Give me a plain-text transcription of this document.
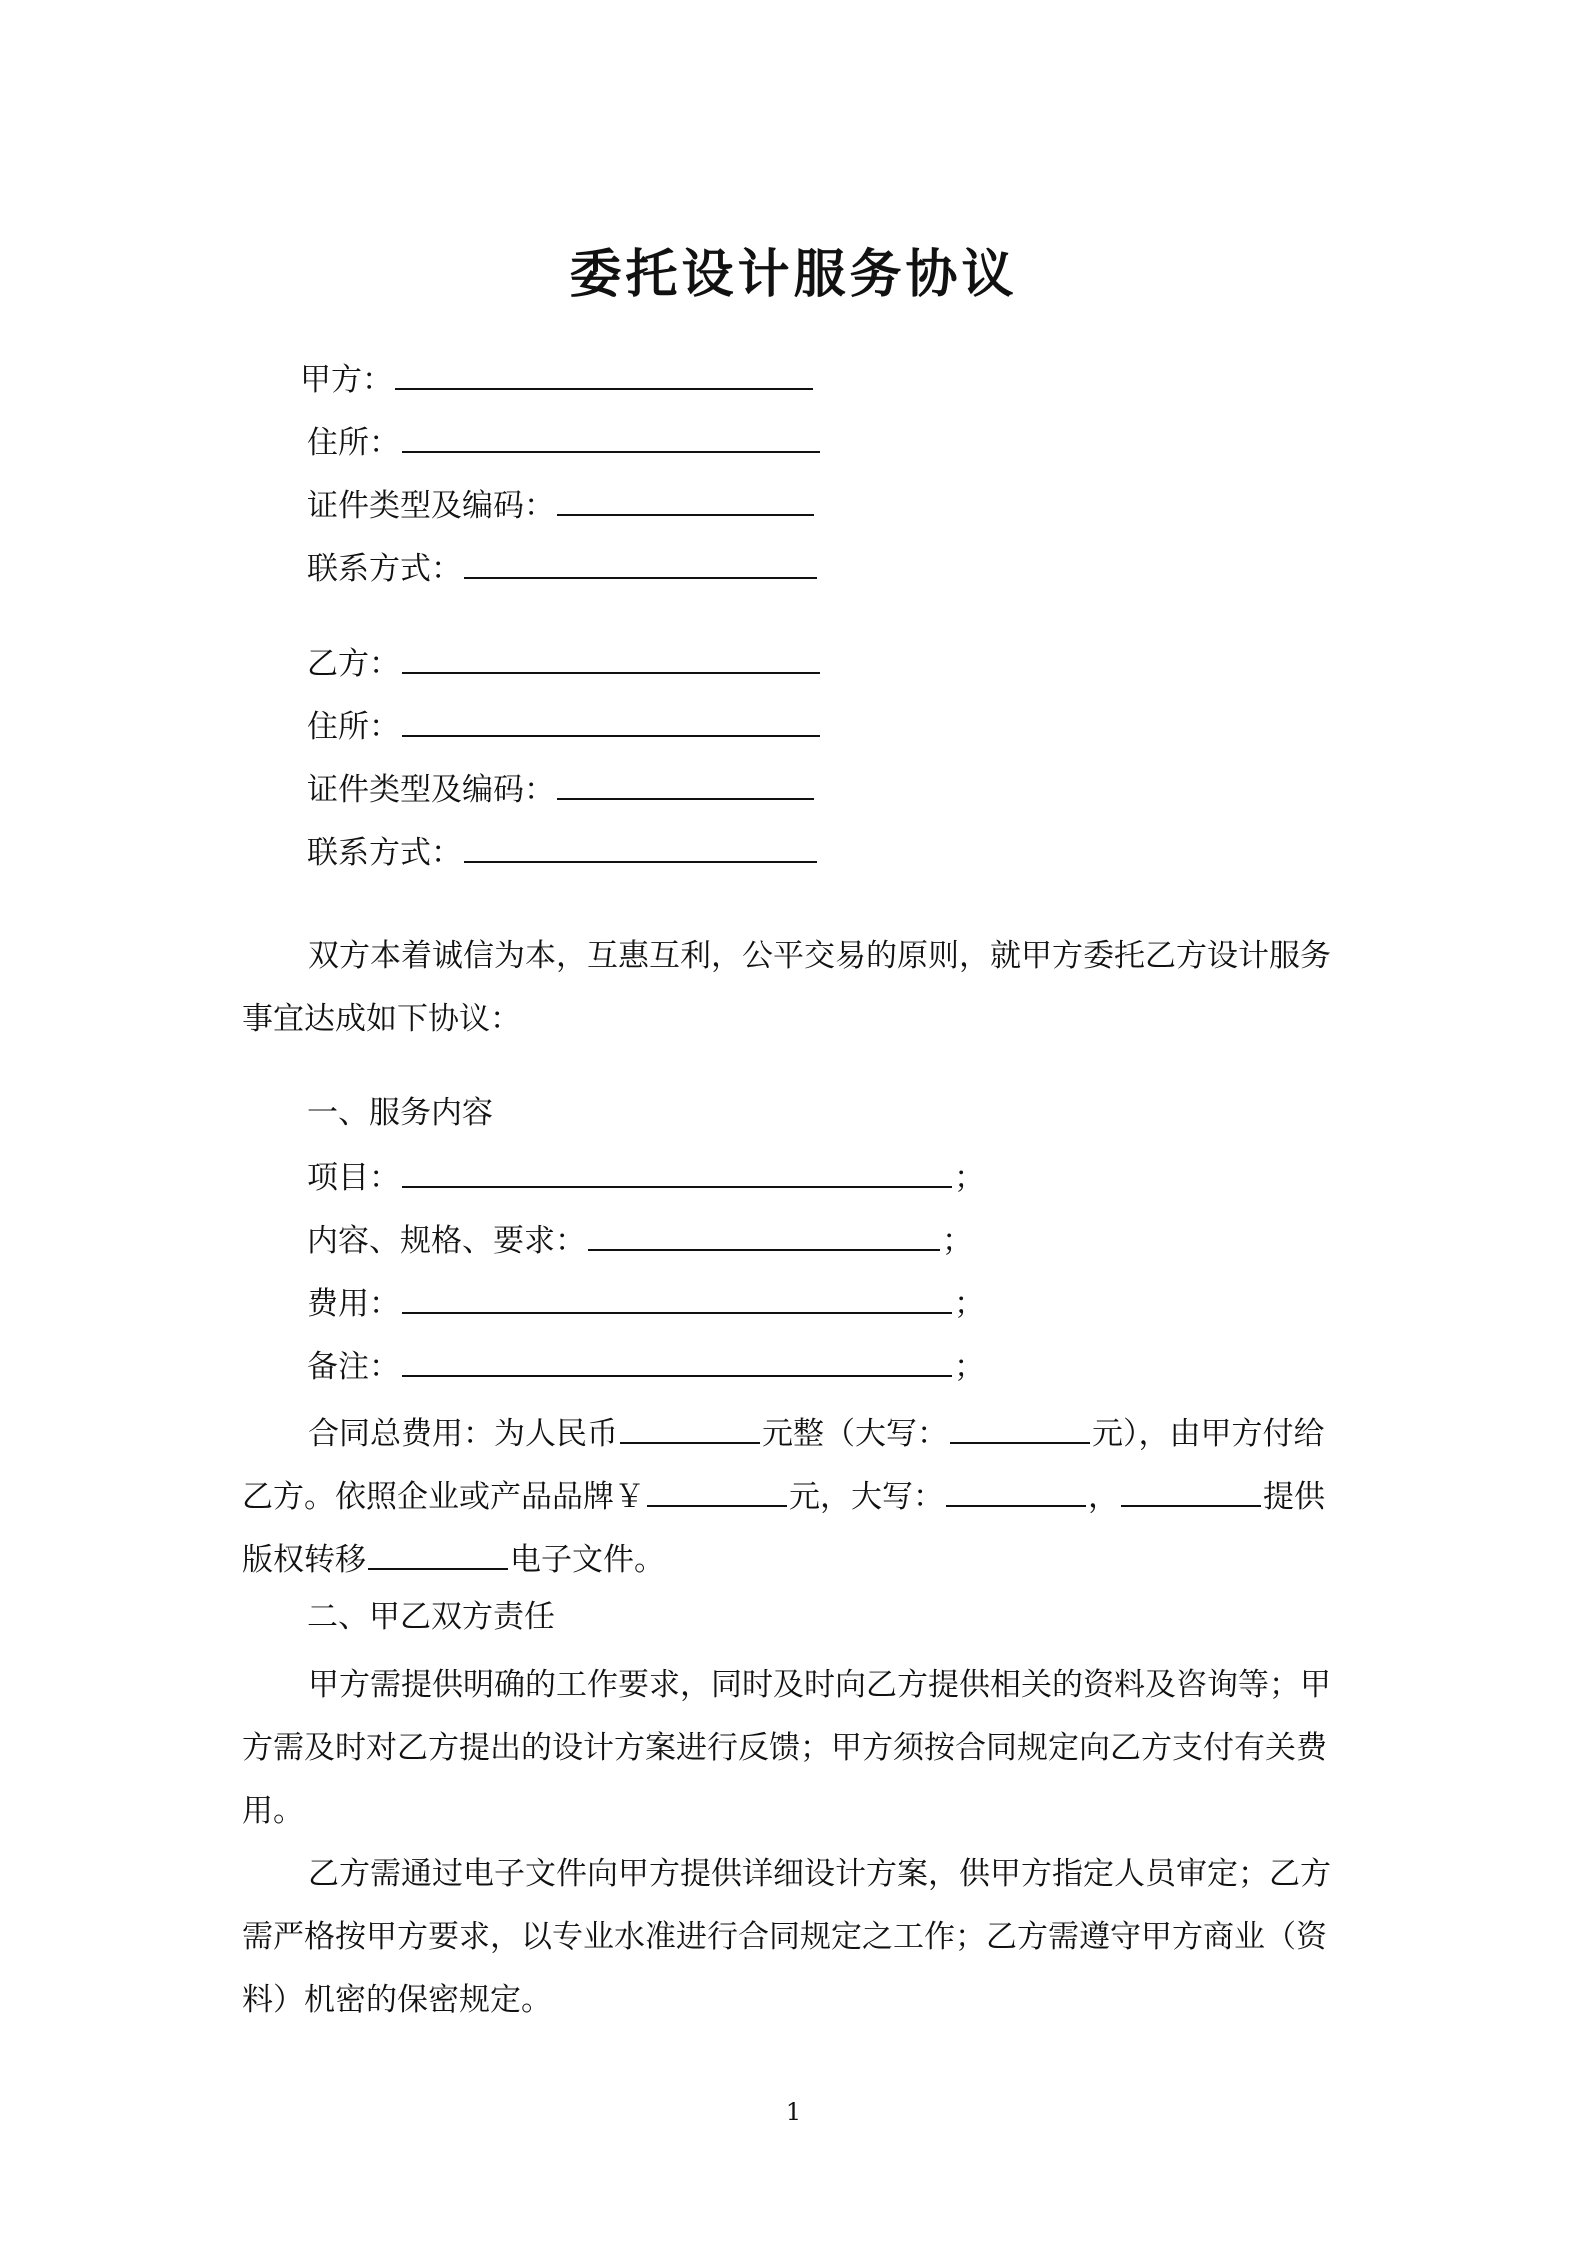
委托设计服务协议
甲方：
住所：
证件类型及编码：
联系方式：
乙方：
住所：
证件类型及编码：
联系方式：
双方本着诚信为本，互惠互利，公平交易的原则，就甲方委托乙方设计服务事宜达成如下协议：
一、服务内容
项目：	；
内容、规格、要求：	；
费用：	；
备注：	；
合同总费用：为人民币	元整（大写：	元），由甲方付给
乙方。依照企业或产品品牌￥	元，大写：	，	提供
版权转移	电子文件。
二、甲乙双方责任
甲方需提供明确的工作要求，同时及时向乙方提供相关的资料及咨询等；甲方需及时对乙方提出的设计方案进行反馈；甲方须按合同规定向乙方支付有关费用。
乙方需通过电子文件向甲方提供详细设计方案，供甲方指定人员审定；乙方需严格按甲方要求，以专业水准进行合同规定之工作；乙方需遵守甲方商业（资料）机密的保密规定。
1
